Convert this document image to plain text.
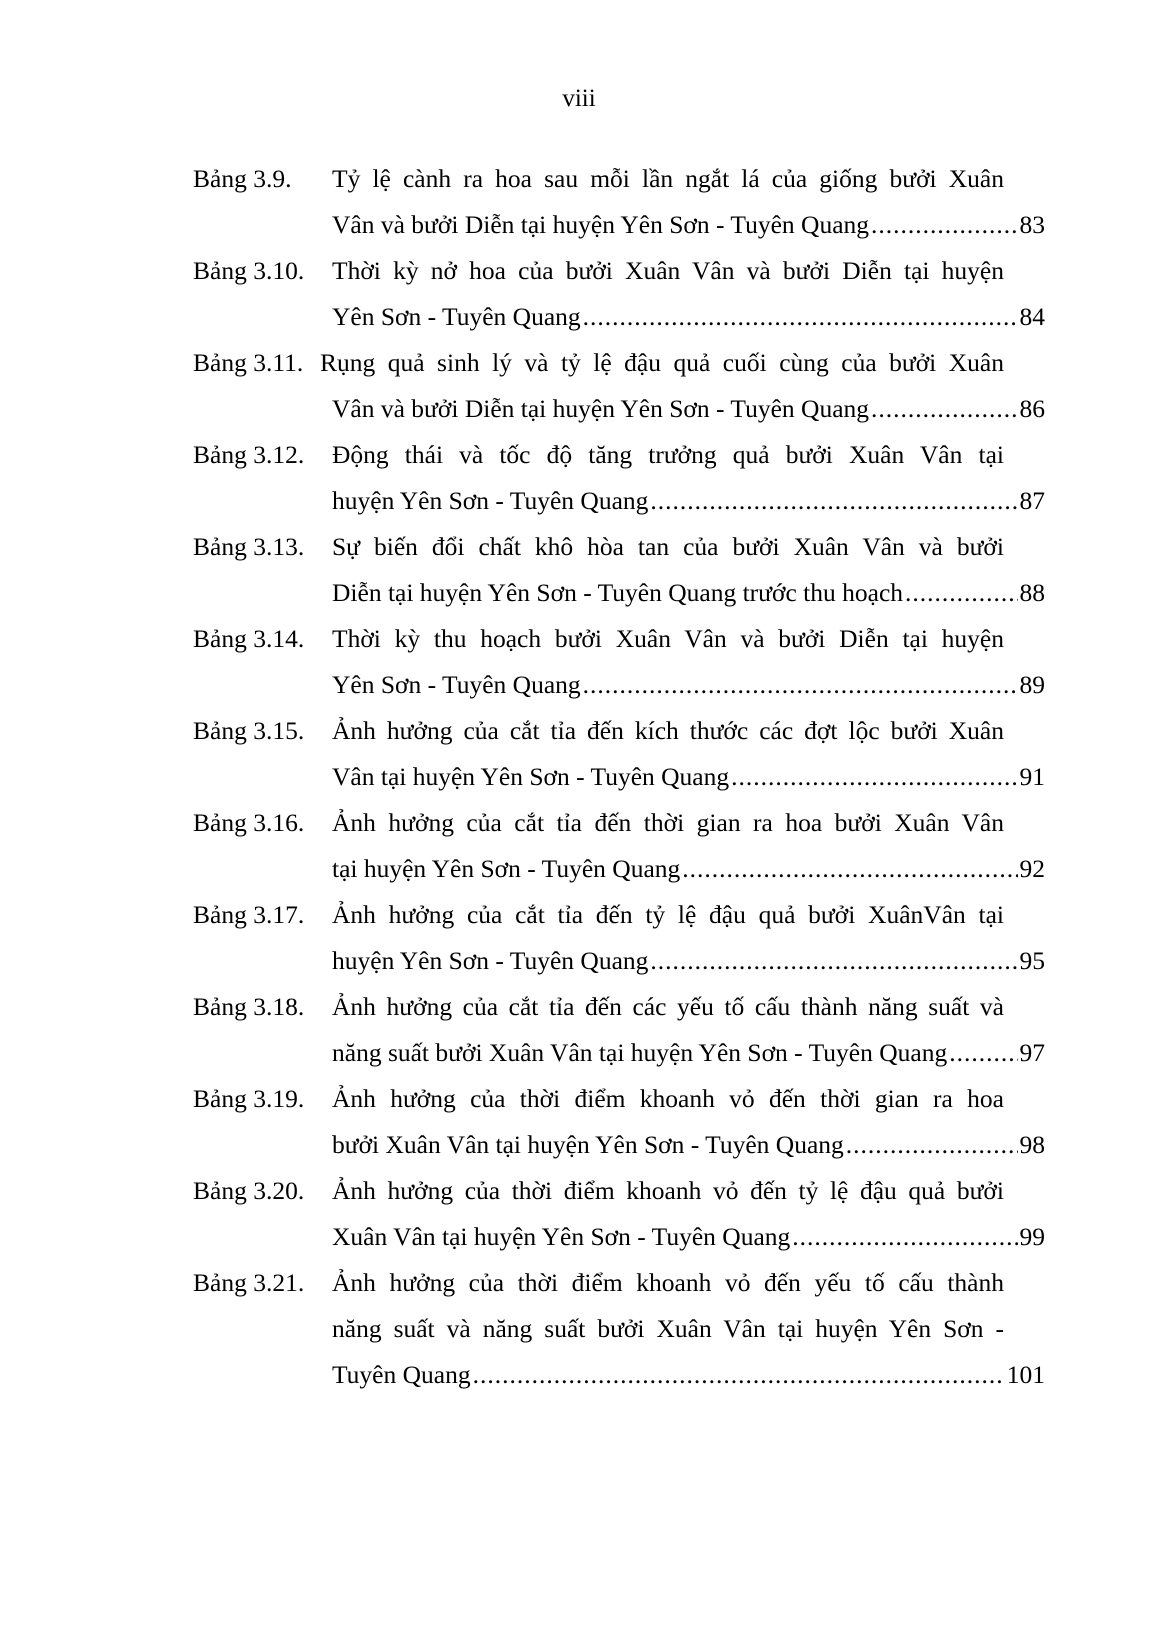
viii
Bảng 3.9. Tỷ lệ cành ra hoa sau mỗi lần ngắt lá của giống bưởi Xuân
Vân và bưởi Diễn tại huyện Yên Sơn - Tuyên Quang .....	83
Bảng 3.10. Thời kỳ nở hoa của bưởi Xuân Vân và bưởi Diễn tại huyện
Yên Sơn - Tuyên Quang .....	84
Bảng 3.11. Rụng quả sinh lý và tỷ lệ đậu quả cuối cùng của bưởi Xuân
Vân và bưởi Diễn tại huyện Yên Sơn - Tuyên Quang .....	86
Bảng 3.12. Động thái và tốc độ tăng trưởng quả bưởi Xuân Vân tại
huyện Yên Sơn - Tuyên Quang .....	87
Bảng 3.13. Sự biến đổi chất khô hòa tan của bưởi Xuân Vân và bưởi
Diễn tại huyện Yên Sơn - Tuyên Quang trước thu hoạch .....	88
Bảng 3.14. Thời kỳ thu hoạch bưởi Xuân Vân và bưởi Diễn tại huyện
Yên Sơn - Tuyên Quang .....	89
Bảng 3.15. Ảnh hưởng của cắt tỉa đến kích thước các đợt lộc bưởi Xuân
Vân tại huyện Yên Sơn - Tuyên Quang .....	91
Bảng 3.16. Ảnh hưởng của cắt tỉa đến thời gian ra hoa bưởi Xuân Vân
tại huyện Yên Sơn - Tuyên Quang .....	92
Bảng 3.17. Ảnh hưởng của cắt tỉa đến tỷ lệ đậu quả bưởi XuânVân tại
huyện Yên Sơn - Tuyên Quang .....	95
Bảng 3.18. Ảnh hưởng của cắt tỉa đến các yếu tố cấu thành năng suất và
năng suất bưởi Xuân Vân tại huyện Yên Sơn - Tuyên Quang .....	97
Bảng 3.19. Ảnh hưởng của thời điểm khoanh vỏ đến thời gian ra hoa
bưởi Xuân Vân tại huyện Yên Sơn - Tuyên Quang .....	98
Bảng 3.20. Ảnh hưởng của thời điểm khoanh vỏ đến tỷ lệ đậu quả bưởi
Xuân Vân tại huyện Yên Sơn - Tuyên Quang .....	99
Bảng 3.21. Ảnh hưởng của thời điểm khoanh vỏ đến yếu tố cấu thành
năng suất và năng suất bưởi Xuân Vân tại huyện Yên Sơn -
Tuyên Quang .....	101
